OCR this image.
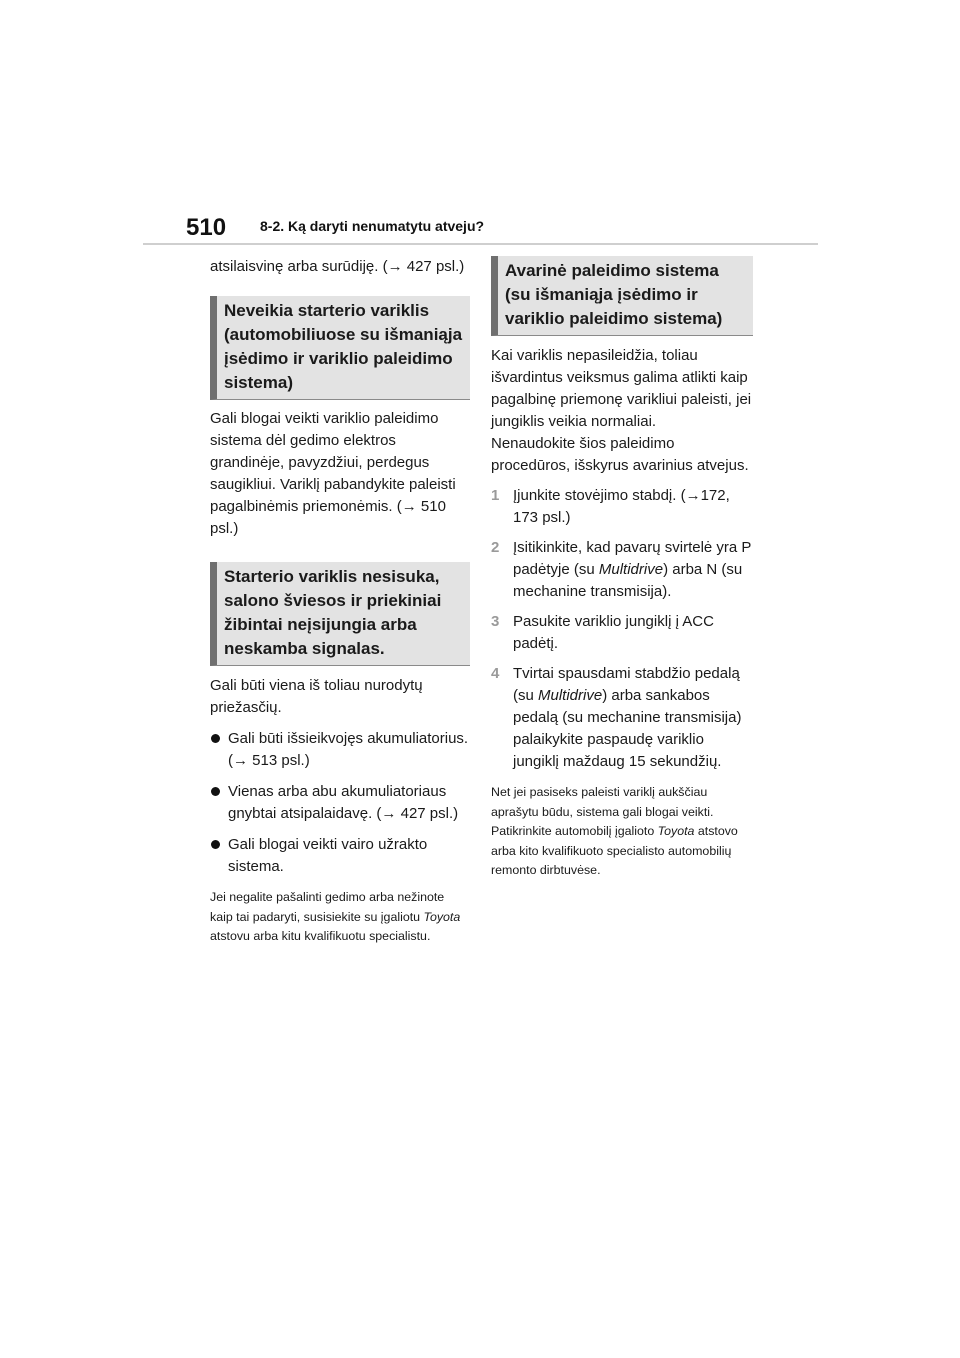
510 8-2. Ką daryti nenumatytu atveju?

atsilaisvinę arba surūdiję. (→ 427 psl.)

Neveikia starterio variklis (automobiliuose su išmaniąja įsėdimo ir variklio paleidimo sistema)

Gali blogai veikti variklio paleidimo sistema dėl gedimo elektros grandinėje, pavyzdžiui, perdegus saugikliui. Variklį pabandykite paleisti pagalbinėmis priemonėmis. (→ 510 psl.)

Starterio variklis nesisuka, salono šviesos ir priekiniai žibintai neįsijungia arba neskamba signalas.

Gali būti viena iš toliau nurodytų priežasčių.

Gali būti išsieikvojęs akumuliatorius. (→ 513 psl.)
Vienas arba abu akumuliatoriaus gnybtai atsipalaidavę. (→ 427 psl.)
Gali blogai veikti vairo užrakto sistema.

Jei negalite pašalinti gedimo arba nežinote kaip tai padaryti, susisiekite su įgaliotu Toyota atstovu arba kitu kvalifikuotu specialistu.

Avarinė paleidimo sistema (su išmaniąja įsėdimo ir variklio paleidimo sistema)

Kai variklis nepasileidžia, toliau išvardintus veiksmus galima atlikti kaip pagalbinę priemonę varikliui paleisti, jei jungiklis veikia normaliai.

Nenaudokite šios paleidimo procedūros, išskyrus avarinius atvejus.

1 Įjunkite stovėjimo stabdį. (→172, 173 psl.)
2 Įsitikinkite, kad pavarų svirtelė yra P padėtyje (su Multidrive) arba N (su mechanine transmisija).
3 Pasukite variklio jungiklį į ACC padėtį.
4 Tvirtai spausdami stabdžio pedalą (su Multidrive) arba sankabos pedalą (su mechanine transmisija) palaikykite paspaudę variklio jungiklį maždaug 15 sekundžių.

Net jei pasiseks paleisti variklį aukščiau aprašytu būdu, sistema gali blogai veikti. Patikrinkite automobilį įgalioto Toyota atstovo arba kito kvalifikuoto specialisto automobilių remonto dirbtuvėse.
